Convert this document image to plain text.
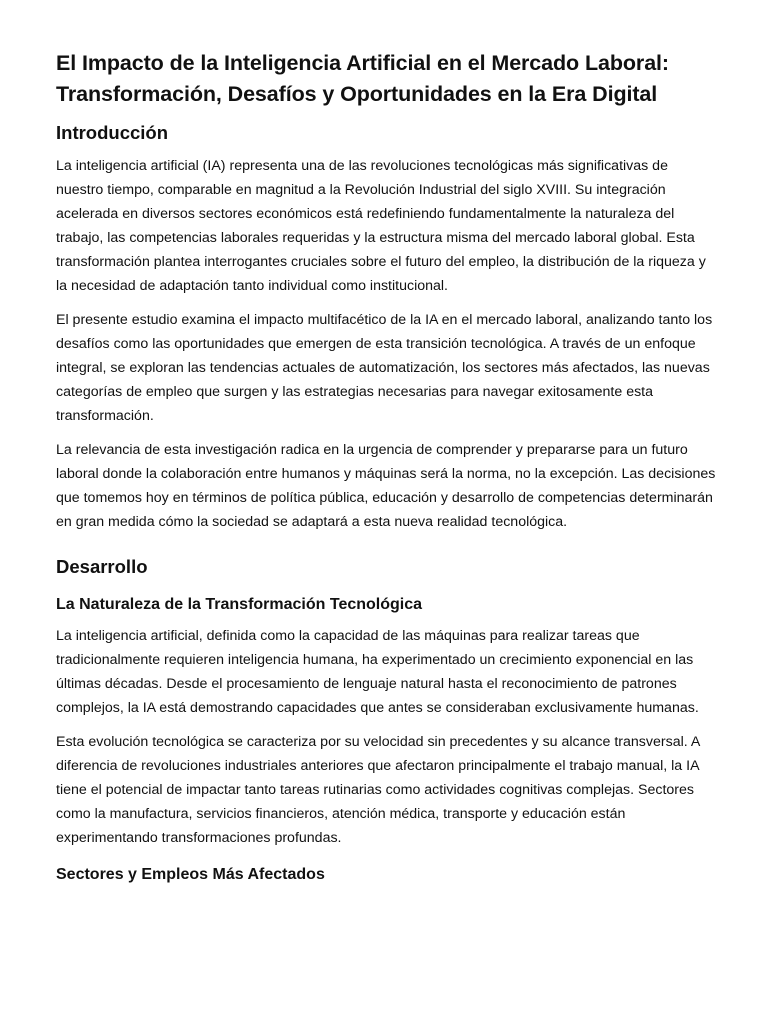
El Impacto de la Inteligencia Artificial en el Mercado Laboral: Transformación, Desafíos y Oportunidades en la Era Digital
Introducción

La inteligencia artificial (IA) representa una de las revoluciones tecnológicas más significativas de nuestro tiempo, comparable en magnitud a la Revolución Industrial del siglo XVIII. Su integración acelerada en diversos sectores económicos está redefiniendo fundamentalmente la naturaleza del trabajo, las competencias laborales requeridas y la estructura misma del mercado laboral global. Esta transformación plantea interrogantes cruciales sobre el futuro del empleo, la distribución de la riqueza y la necesidad de adaptación tanto individual como institucional.

El presente estudio examina el impacto multifacético de la IA en el mercado laboral, analizando tanto los desafíos como las oportunidades que emergen de esta transición tecnológica. A través de un enfoque integral, se exploran las tendencias actuales de automatización, los sectores más afectados, las nuevas categorías de empleo que surgen y las estrategias necesarias para navegar exitosamente esta transformación.

La relevancia de esta investigación radica en la urgencia de comprender y prepararse para un futuro laboral donde la colaboración entre humanos y máquinas será la norma, no la excepción. Las decisiones que tomemos hoy en términos de política pública, educación y desarrollo de competencias determinarán en gran medida cómo la sociedad se adaptará a esta nueva realidad tecnológica.

Desarrollo
La Naturaleza de la Transformación Tecnológica

La inteligencia artificial, definida como la capacidad de las máquinas para realizar tareas que tradicionalmente requieren inteligencia humana, ha experimentado un crecimiento exponencial en las últimas décadas. Desde el procesamiento de lenguaje natural hasta el reconocimiento de patrones complejos, la IA está demostrando capacidades que antes se consideraban exclusivamente humanas.

Esta evolución tecnológica se caracteriza por su velocidad sin precedentes y su alcance transversal. A diferencia de revoluciones industriales anteriores que afectaron principalmente el trabajo manual, la IA tiene el potencial de impactar tanto tareas rutinarias como actividades cognitivas complejas. Sectores como la manufactura, servicios financieros, atención médica, transporte y educación están experimentando transformaciones profundas.

Sectores y Empleos Más Afectados
